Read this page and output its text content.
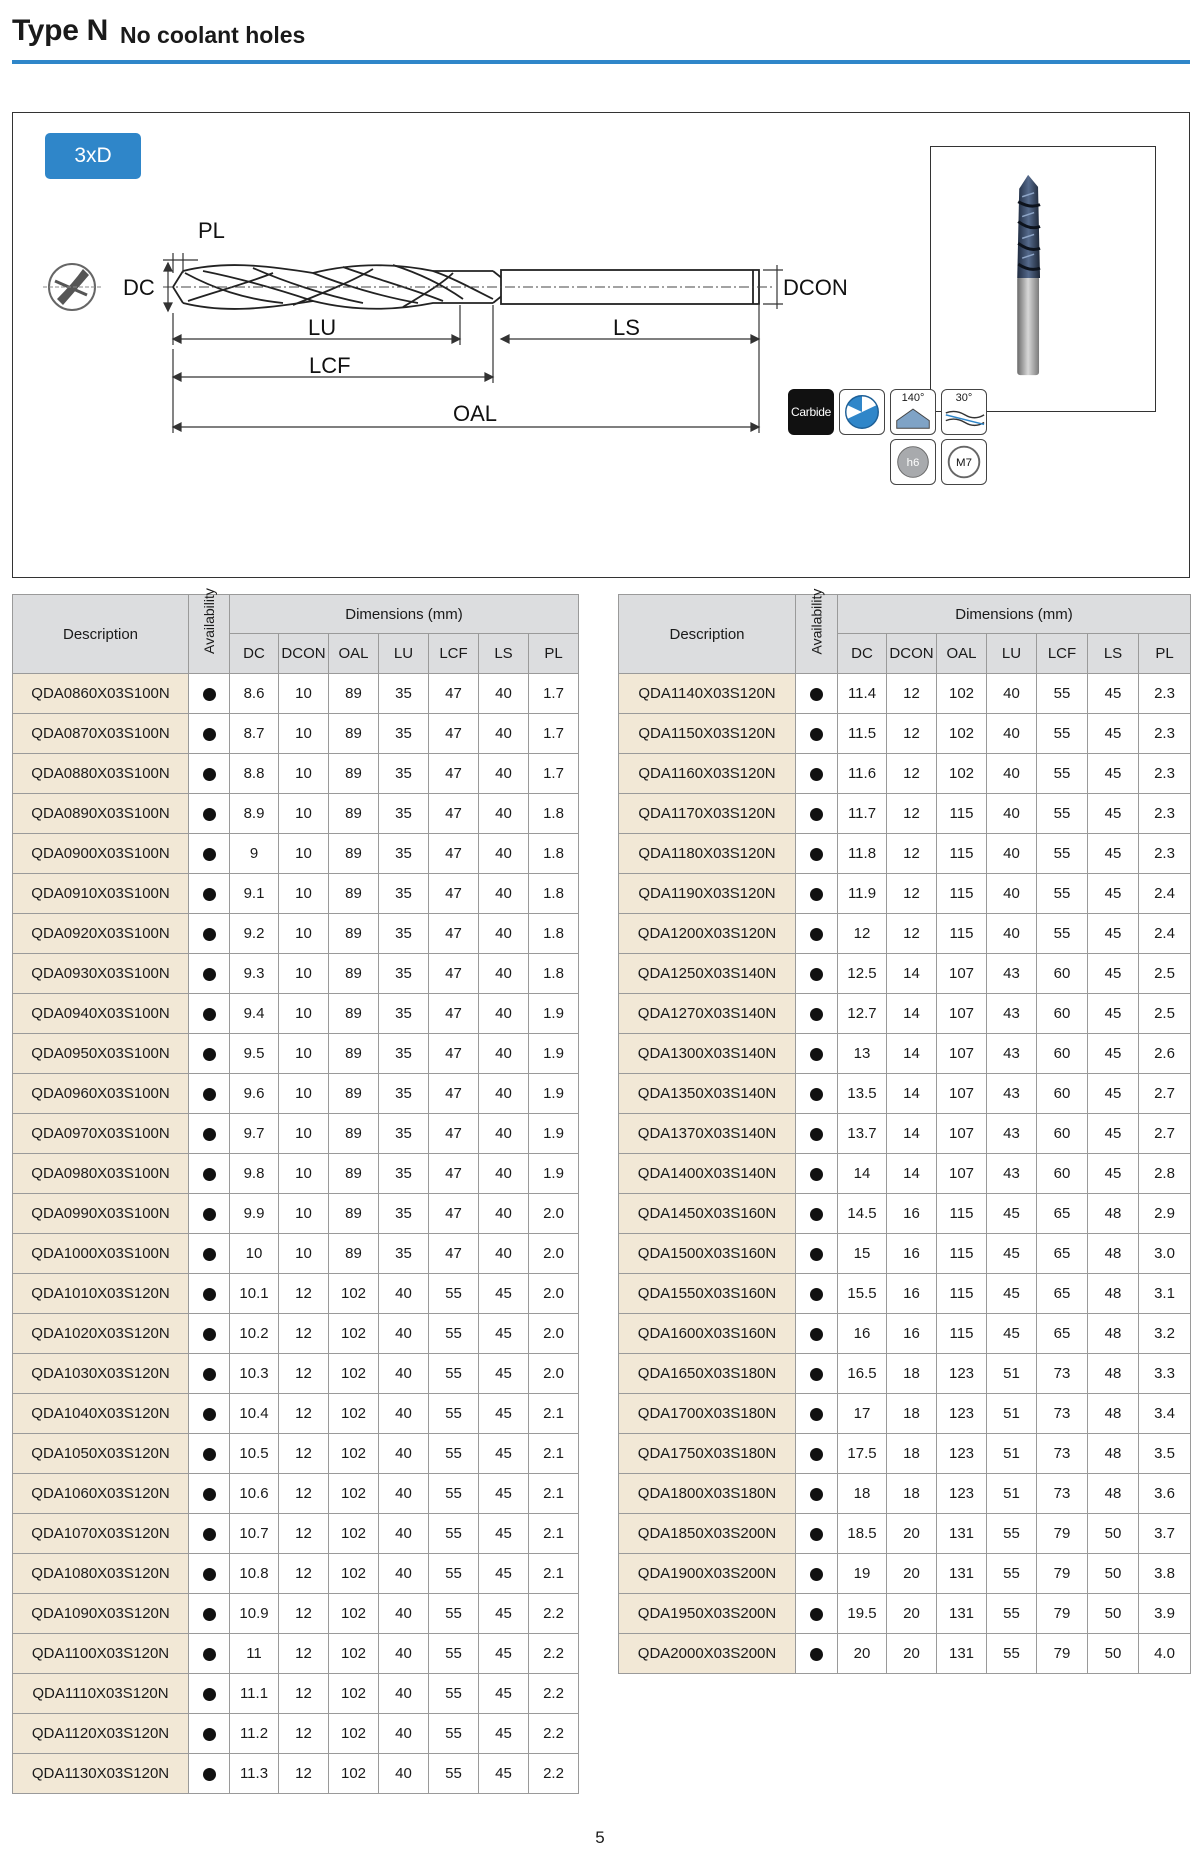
Type N No coolant holes
3xD
PL
DC
LU
LCF
OAL
LS
DCON
Carbide
140°	30°
h6	M7
Description	Availability	Dimensions (mm)						
		DC	DCON	OAL	LU	LCF	LS	PL
QDA0860X03S100N		8.6	10	89	35	47	40	1.7
QDA0870X03S100N		8.7	10	89	35	47	40	1.7
QDA0880X03S100N		8.8	10	89	35	47	40	1.7
QDA0890X03S100N		8.9	10	89	35	47	40	1.8
QDA0900X03S100N		9	10	89	35	47	40	1.8
QDA0910X03S100N		9.1	10	89	35	47	40	1.8
QDA0920X03S100N		9.2	10	89	35	47	40	1.8
QDA0930X03S100N		9.3	10	89	35	47	40	1.8
QDA0940X03S100N		9.4	10	89	35	47	40	1.9
QDA0950X03S100N		9.5	10	89	35	47	40	1.9
QDA0960X03S100N		9.6	10	89	35	47	40	1.9
QDA0970X03S100N		9.7	10	89	35	47	40	1.9
QDA0980X03S100N		9.8	10	89	35	47	40	1.9
QDA0990X03S100N		9.9	10	89	35	47	40	2.0
QDA1000X03S100N		10	10	89	35	47	40	2.0
QDA1010X03S120N		10.1	12	102	40	55	45	2.0
QDA1020X03S120N		10.2	12	102	40	55	45	2.0
QDA1030X03S120N		10.3	12	102	40	55	45	2.0
QDA1040X03S120N		10.4	12	102	40	55	45	2.1
QDA1050X03S120N		10.5	12	102	40	55	45	2.1
QDA1060X03S120N		10.6	12	102	40	55	45	2.1
QDA1070X03S120N		10.7	12	102	40	55	45	2.1
QDA1080X03S120N		10.8	12	102	40	55	45	2.1
QDA1090X03S120N		10.9	12	102	40	55	45	2.2
QDA1100X03S120N		11	12	102	40	55	45	2.2
QDA1110X03S120N		11.1	12	102	40	55	45	2.2
QDA1120X03S120N		11.2	12	102	40	55	45	2.2
QDA1130X03S120N		11.3	12	102	40	55	45	2.2
Description	Availability	Dimensions (mm)						
		DC	DCON	OAL	LU	LCF	LS	PL
QDA1140X03S120N		11.4	12	102	40	55	45	2.3
QDA1150X03S120N		11.5	12	102	40	55	45	2.3
QDA1160X03S120N		11.6	12	102	40	55	45	2.3
QDA1170X03S120N		11.7	12	115	40	55	45	2.3
QDA1180X03S120N		11.8	12	115	40	55	45	2.3
QDA1190X03S120N		11.9	12	115	40	55	45	2.4
QDA1200X03S120N		12	12	115	40	55	45	2.4
QDA1250X03S140N		12.5	14	107	43	60	45	2.5
QDA1270X03S140N		12.7	14	107	43	60	45	2.5
QDA1300X03S140N		13	14	107	43	60	45	2.6
QDA1350X03S140N		13.5	14	107	43	60	45	2.7
QDA1370X03S140N		13.7	14	107	43	60	45	2.7
QDA1400X03S140N		14	14	107	43	60	45	2.8
QDA1450X03S160N		14.5	16	115	45	65	48	2.9
QDA1500X03S160N		15	16	115	45	65	48	3.0
QDA1550X03S160N		15.5	16	115	45	65	48	3.1
QDA1600X03S160N		16	16	115	45	65	48	3.2
QDA1650X03S180N		16.5	18	123	51	73	48	3.3
QDA1700X03S180N		17	18	123	51	73	48	3.4
QDA1750X03S180N		17.5	18	123	51	73	48	3.5
QDA1800X03S180N		18	18	123	51	73	48	3.6
QDA1850X03S200N		18.5	20	131	55	79	50	3.7
QDA1900X03S200N		19	20	131	55	79	50	3.8
QDA1950X03S200N		19.5	20	131	55	79	50	3.9
QDA2000X03S200N		20	20	131	55	79	50	4.0
5
